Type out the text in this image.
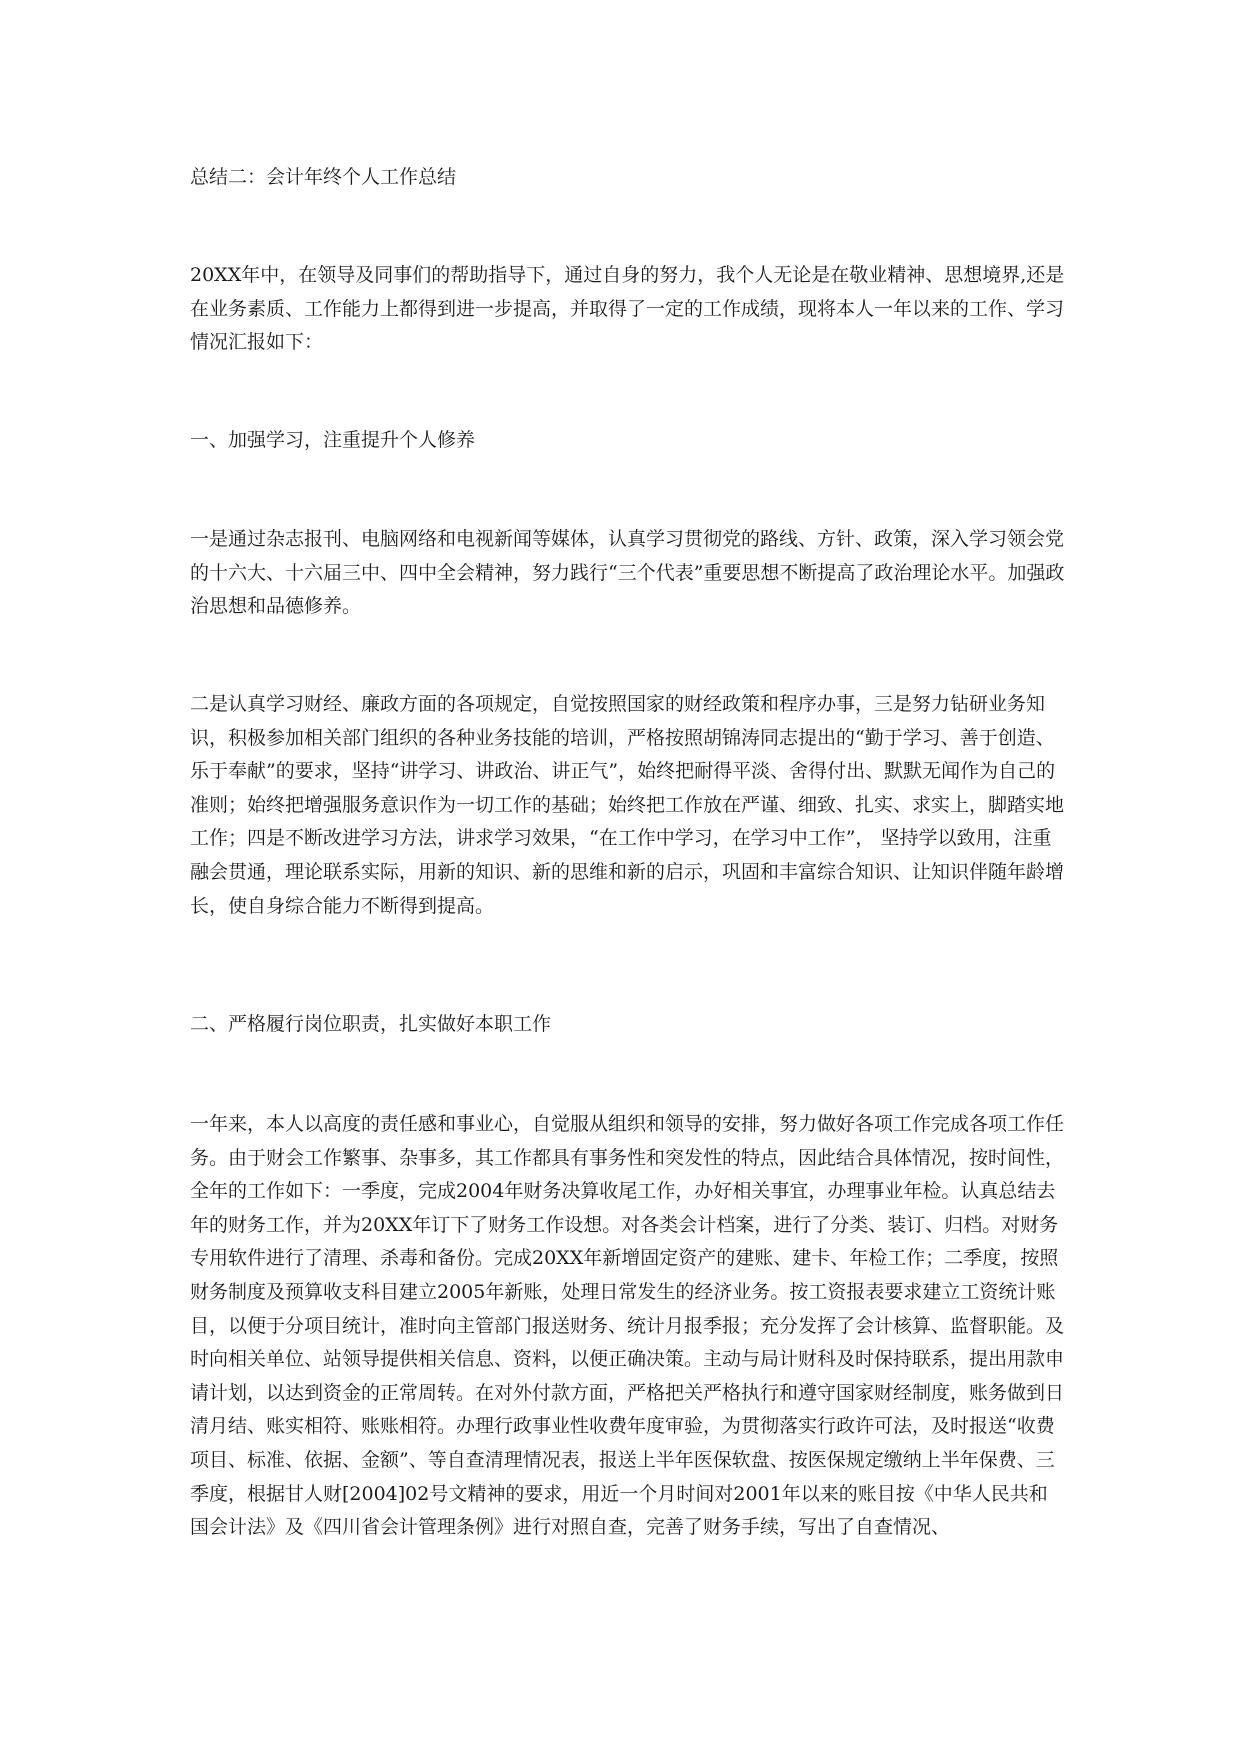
总结二：会计年终个人工作总结

20XX年中，在领导及同事们的帮助指导下，通过自身的努力，我个人无论是在敬业精神、思想境界,还是在业务素质、工作能力上都得到进一步提高，并取得了一定的工作成绩，现将本人一年以来的工作、学习情况汇报如下：

一、加强学习，注重提升个人修养

一是通过杂志报刊、电脑网络和电视新闻等媒体，认真学习贯彻党的路线、方针、政策，深入学习领会党的十六大、十六届三中、四中全会精神，努力践行“三个代表”重要思想不断提高了政治理论水平。加强政治思想和品德修养。

二是认真学习财经、廉政方面的各项规定，自觉按照国家的财经政策和程序办事，三是努力钻研业务知识，积极参加相关部门组织的各种业务技能的培训，严格按照胡锦涛同志提出的“勤于学习、善于创造、乐于奉献”的要求，坚持“讲学习、讲政治、讲正气”，始终把耐得平淡、舍得付出、默默无闻作为自己的准则；始终把增强服务意识作为一切工作的基础；始终把工作放在严谨、细致、扎实、求实上，脚踏实地工作；四是不断改进学习方法，讲求学习效果，“在工作中学习，在学习中工作”， 坚持学以致用，注重融会贯通，理论联系实际，用新的知识、新的思维和新的启示，巩固和丰富综合知识、让知识伴随年龄增长，使自身综合能力不断得到提高。

二、严格履行岗位职责，扎实做好本职工作

一年来，本人以高度的责任感和事业心，自觉服从组织和领导的安排，努力做好各项工作完成各项工作任务。由于财会工作繁事、杂事多，其工作都具有事务性和突发性的特点，因此结合具体情况，按时间性，全年的工作如下：一季度，完成2004年财务决算收尾工作，办好相关事宜，办理事业年检。认真总结去年的财务工作，并为20XX年订下了财务工作设想。对各类会计档案，进行了分类、装订、归档。对财务专用软件进行了清理、杀毒和备份。完成20XX年新增固定资产的建账、建卡、年检工作；二季度，按照财务制度及预算收支科目建立2005年新账，处理日常发生的经济业务。按工资报表要求建立工资统计账目，以便于分项目统计，准时向主管部门报送财务、统计月报季报；充分发挥了会计核算、监督职能。及时向相关单位、站领导提供相关信息、资料，以便正确决策。主动与局计财科及时保持联系，提出用款申请计划，以达到资金的正常周转。在对外付款方面，严格把关严格执行和遵守国家财经制度，账务做到日清月结、账实相符、账账相符。办理行政事业性收费年度审验，为贯彻落实行政许可法，及时报送“收费项目、标准、依据、金额”、等自查清理情况表，报送上半年医保软盘、按医保规定缴纳上半年保费、三季度，根据甘人财[2004]02号文精神的要求，用近一个月时间对2001年以来的账目按《中华人民共和国会计法》及《四川省会计管理条例》进行对照自查，完善了财务手续，写出了自查情况、
